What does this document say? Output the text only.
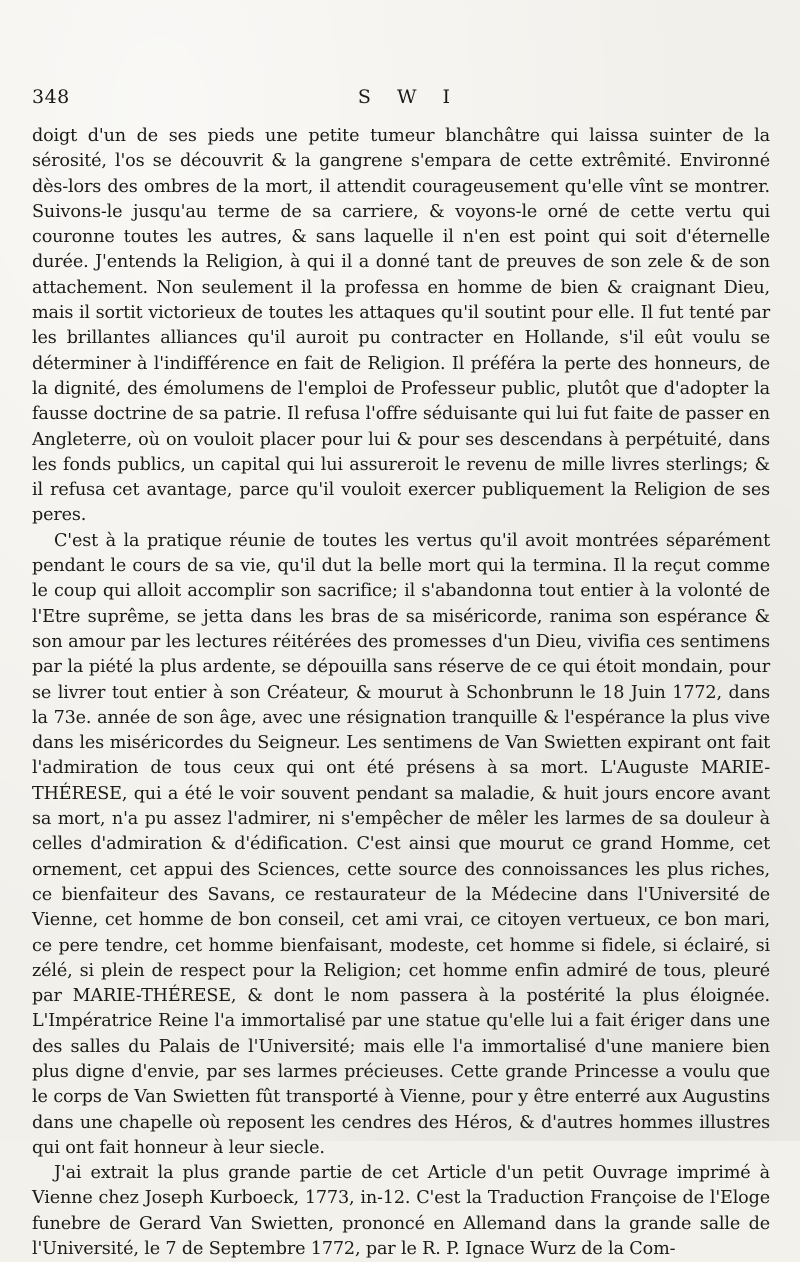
348	S W I

doigt d'un de ses pieds une petite tumeur blanchâtre qui laissa suinter de la sérosité, l'os se découvrit & la gangrene s'empara de cette extrêmité. Environné dès-lors des ombres de la mort, il attendit courageusement qu'elle vînt se montrer. Suivons-le jusqu'au terme de sa carriere, & voyons-le orné de cette vertu qui couronne toutes les autres, & sans laquelle il n'en est point qui soit d'éternelle durée. J'entends la Religion, à qui il a donné tant de preuves de son zele & de son attachement. Non seulement il la professa en homme de bien & craignant Dieu, mais il sortit victorieux de toutes les attaques qu'il soutint pour elle. Il fut tenté par les brillantes alliances qu'il auroit pu contracter en Hollande, s'il eût voulu se déterminer à l'indifférence en fait de Religion. Il préféra la perte des honneurs, de la dignité, des émolumens de l'emploi de Professeur public, plutôt que d'adopter la fausse doctrine de sa patrie. Il refusa l'offre séduisante qui lui fut faite de passer en Angleterre, où on vouloit placer pour lui & pour ses descendans à perpétuité, dans les fonds publics, un capital qui lui assureroit le revenu de mille livres sterlings; & il refusa cet avantage, parce qu'il vouloit exercer publiquement la Religion de ses peres.

C'est à la pratique réunie de toutes les vertus qu'il avoit montrées séparément pendant le cours de sa vie, qu'il dut la belle mort qui la termina. Il la reçut comme le coup qui alloit accomplir son sacrifice; il s'abandonna tout entier à la volonté de l'Etre suprême, se jetta dans les bras de sa miséricorde, ranima son espérance & son amour par les lectures réitérées des promesses d'un Dieu, vivifia ces sentimens par la piété la plus ardente, se dépouilla sans réserve de ce qui étoit mondain, pour se livrer tout entier à son Créateur, & mourut à Schonbrunn le 18 Juin 1772, dans la 73e. année de son âge, avec une résignation tranquille & l'espérance la plus vive dans les miséricordes du Seigneur. Les sentimens de Van Swietten expirant ont fait l'admiration de tous ceux qui ont été présens à sa mort. L'Auguste MARIE-THÉRESE, qui a été le voir souvent pendant sa maladie, & huit jours encore avant sa mort, n'a pu assez l'admirer, ni s'empêcher de mêler les larmes de sa douleur à celles d'admiration & d'édification. C'est ainsi que mourut ce grand Homme, cet ornement, cet appui des Sciences, cette source des connoissances les plus riches, ce bienfaiteur des Savans, ce restaurateur de la Médecine dans l'Université de Vienne, cet homme de bon conseil, cet ami vrai, ce citoyen vertueux, ce bon mari, ce pere tendre, cet homme bienfaisant, modeste, cet homme si fidele, si éclairé, si zélé, si plein de respect pour la Religion; cet homme enfin admiré de tous, pleuré par MARIE-THÉRESE, & dont le nom passera à la postérité la plus éloignée. L'Impératrice Reine l'a immortalisé par une statue qu'elle lui a fait ériger dans une des salles du Palais de l'Université; mais elle l'a immortalisé d'une maniere bien plus digne d'envie, par ses larmes précieuses. Cette grande Princesse a voulu que le corps de Van Swietten fût transporté à Vienne, pour y être enterré aux Augustins dans une chapelle où reposent les cendres des Héros, & d'autres hommes illustres qui ont fait honneur à leur siecle.

J'ai extrait la plus grande partie de cet Article d'un petit Ouvrage imprimé à Vienne chez Joseph Kurboeck, 1773, in-12. C'est la Traduction Françoise de l'Eloge funebre de Gerard Van Swietten, prononcé en Allemand dans la grande salle de l'Université, le 7 de Septembre 1772, par le R. P. Ignace Wurz de la Com-
